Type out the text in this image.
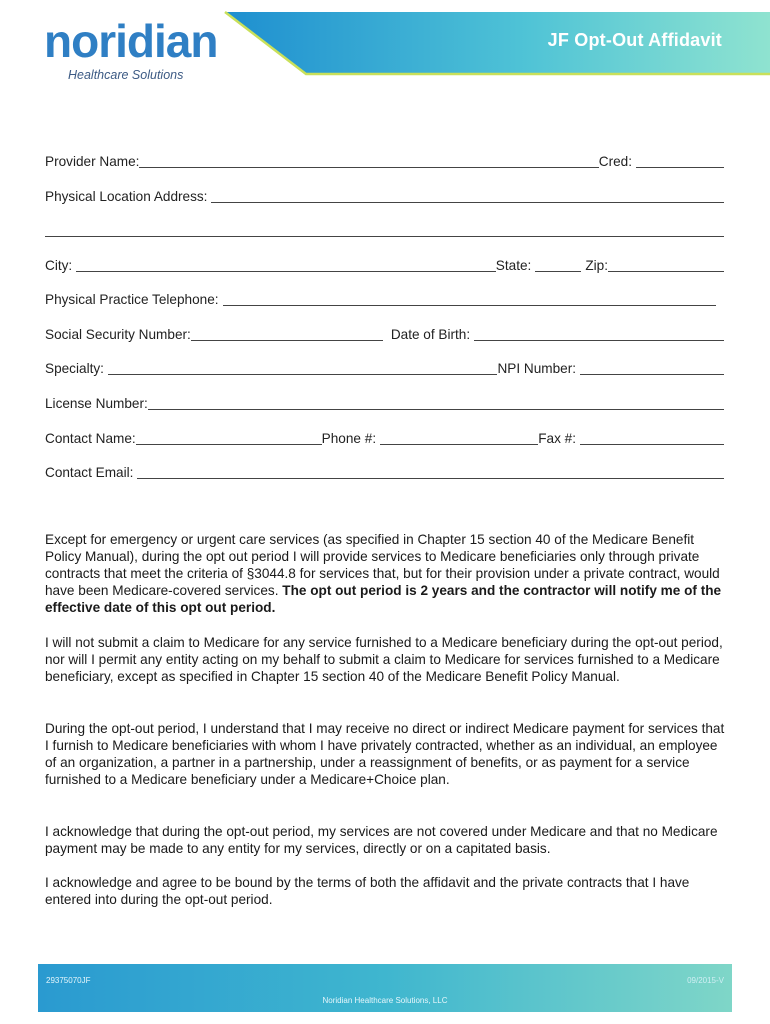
JF Opt-Out Affidavit
noridian
Healthcare Solutions
Provider Name:	Cred:
Physical Location Address:
City:	State:	Zip:
Physical Practice Telephone:
Social Security Number:	Date of Birth:
Specialty:	NPI Number:
License Number:
Contact Name:	Phone #:	Fax #:
Contact Email:

Except for emergency or urgent care services (as specified in Chapter 15 section 40 of the Medicare Benefit Policy Manual), during the opt out period I will provide services to Medicare beneficiaries only through private contracts that meet the criteria of §3044.8 for services that, but for their provision under a private contract, would have been Medicare-covered services. The opt out period is 2 years and the contractor will notify me of the effective date of this opt out period.

I will not submit a claim to Medicare for any service furnished to a Medicare beneficiary during the opt-out period, nor will I permit any entity acting on my behalf to submit a claim to Medicare for services furnished to a Medicare beneficiary, except as specified in Chapter 15 section 40 of the Medicare Benefit Policy Manual.

During the opt-out period, I understand that I may receive no direct or indirect Medicare payment for services that I furnish to Medicare beneficiaries with whom I have privately contracted, whether as an individual, an employee of an organization, a partner in a partnership, under a reassignment of benefits, or as payment for a service furnished to a Medicare beneficiary under a Medicare+Choice plan.

I acknowledge that during the opt-out period, my services are not covered under Medicare and that no Medicare payment may be made to any entity for my services, directly or on a capitated basis.

I acknowledge and agree to be bound by the terms of both the affidavit and the private contracts that I have entered into during the opt-out period.

29375070JF	09/2015-V
Noridian Healthcare Solutions, LLC
